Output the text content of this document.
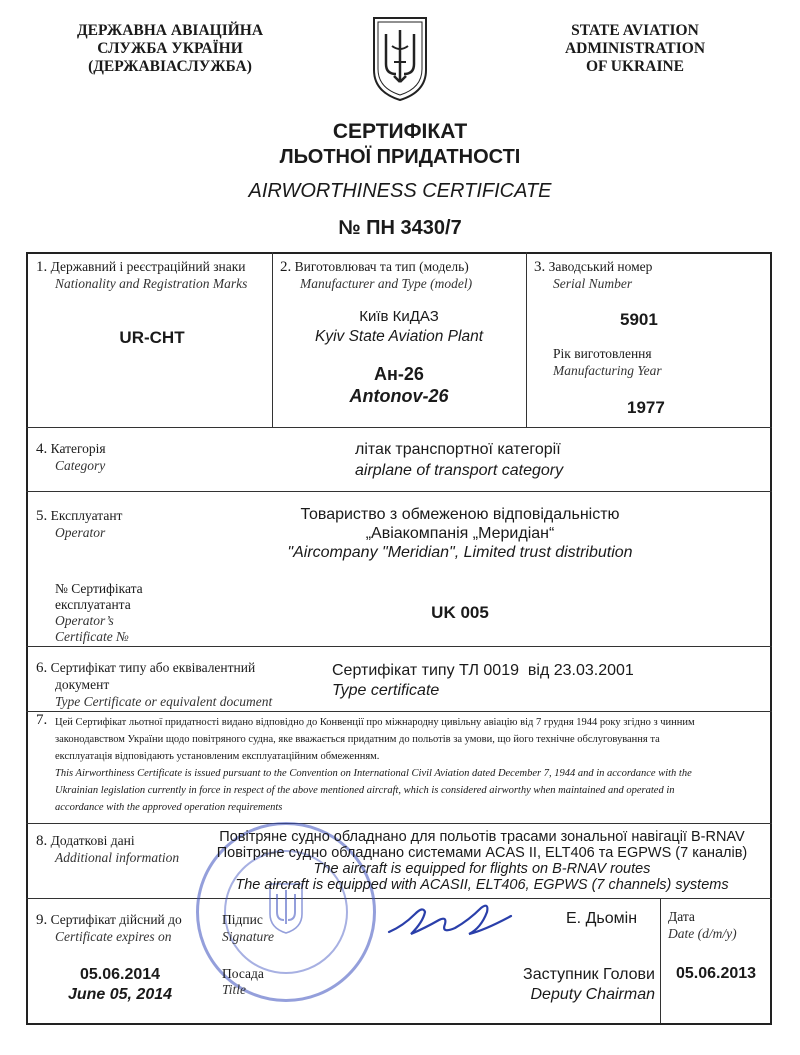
ДЕРЖАВНА АВІАЦІЙНА
СЛУЖБА УКРАЇНИ
(ДЕРЖАВІАСЛУЖБА)
STATE AVIATION
ADMINISTRATION
OF UKRAINE
СЕРТИФІКАТ
ЛЬОТНОЇ ПРИДАТНОСТІ
AIRWORTHINESS CERTIFICATE
№ ПН 3430/7
1. Державний і реєстраційний знаки
Nationality and Registration Marks
UR-CHT
2. Виготовлювач та тип (модель)
Manufacturer and Type (model)
Київ КиДАЗ
Kyiv State Aviation Plant
Ан-26
Antonov-26
3. Заводський номер
Serial Number
5901
Рік виготовлення
Manufacturing Year
1977
4. Категорія
Category
літак транспортної категорії
airplane of transport category
5. Експлуатант
Operator
Товариство з обмеженою відповідальністю
„Авіакомпанія „Меридіан“
"Aircompany "Meridian", Limited trust distribution
№ Сертифіката
експлуатанта
Operator’s
Certificate №
UK 005
6. Сертифікат типу або еквівалентний
документ
Type Certificate or equivalent document
Сертифікат типу ТЛ 0019  від 23.03.2001
Type certificate
7. Цей Сертифікат льотної придатності видано відповідно до Конвенції про міжнародну цивільну авіацію від 7 грудня 1944 року згідно з чинним
законодавством України щодо повітряного судна, яке вважається придатним до польотів за умови, що його технічне обслуговування та
експлуатація відповідають установленим експлуатаційним обмеженням.
This Airworthiness Certificate is issued pursuant to the Convention on International Civil Aviation dated December 7, 1944 and in accordance with the
Ukrainian legislation currently in force in respect of the above mentioned aircraft, which is considered airworthy when maintained and operated in
accordance with the approved operation requirements
8. Додаткові дані
Additional information
Повітряне судно обладнано для польотів трасами зональної навігації B-RNAV
Повітряне судно обладнано системами ACAS II, ELT406 та EGPWS (7 каналів)
The aircraft is equipped for flights on B-RNAV routes
The aircraft is equipped with ACASII, ELT406, EGPWS (7 channels) systems
9. Сертифікат дійсний до
Certificate expires on
05.06.2014
June 05, 2014
Підпис
Signature
Посада
Title
Е. Дьомін
Заступник Голови
Deputy Chairman
Дата
Date (d/m/y)
05.06.2013
